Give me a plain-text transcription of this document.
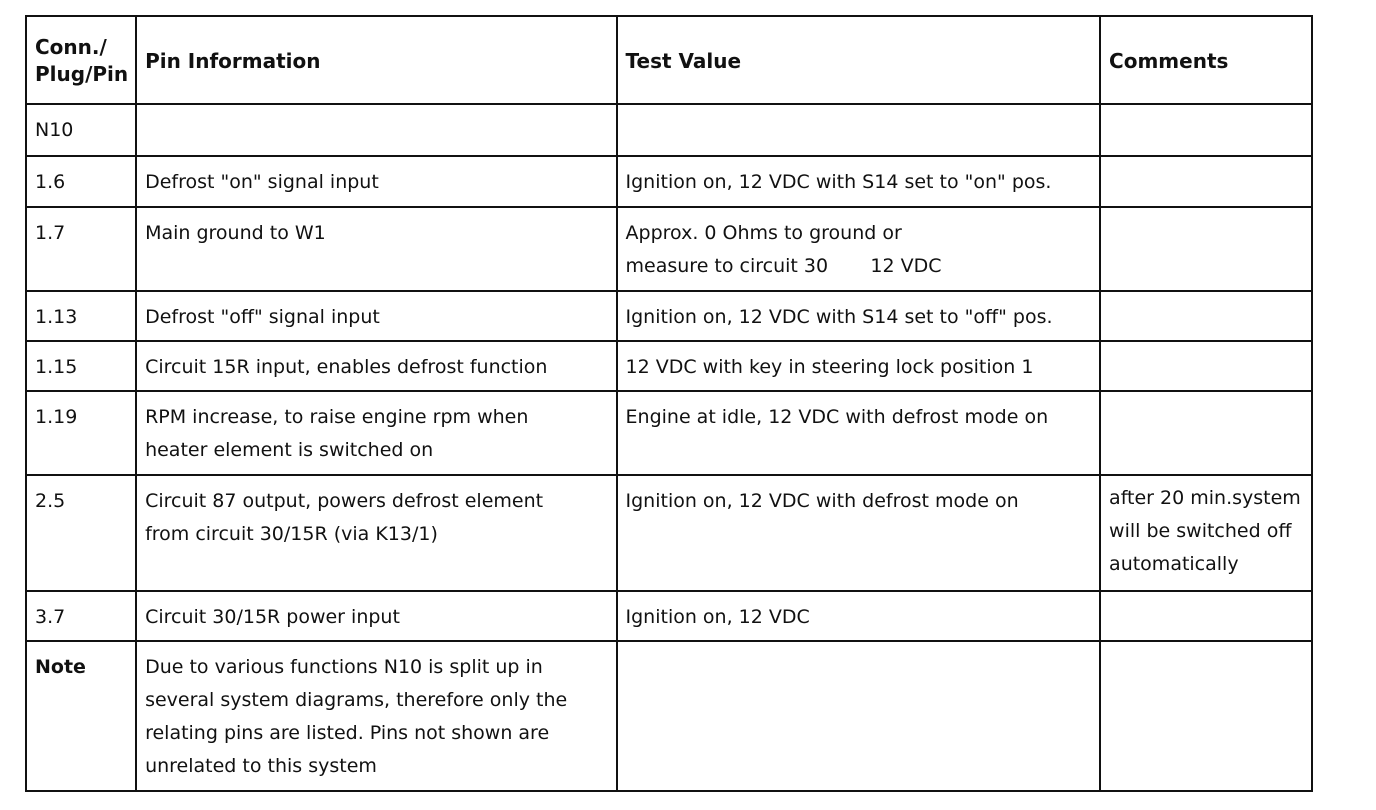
Conn./
Plug/Pin	Pin Information	Test Value	Comments

N10			

1.6	Defrost "on" signal input	Ignition on, 12 VDC with S14 set to "on" pos.	

1.7	Main ground to W1	Approx. 0 Ohms to ground or
measure to circuit 30       12 VDC	

1.13	Defrost "off" signal input	Ignition on, 12 VDC with S14 set to "off" pos.	

1.15	Circuit 15R input, enables defrost function	12 VDC with key in steering lock position 1	

1.19	RPM increase, to raise engine rpm when
heater element is switched on	Engine at idle, 12 VDC with defrost mode on	

2.5	Circuit 87 output, powers defrost element
from circuit 30/15R (via K13/1)	Ignition on, 12 VDC with defrost mode on	after 20 min.system
will be switched off
automatically

3.7	Circuit 30/15R power input	Ignition on, 12 VDC	

Note	Due to various functions N10 is split up in
several system diagrams, therefore only the
relating pins are listed. Pins not shown are
unrelated to this system		
